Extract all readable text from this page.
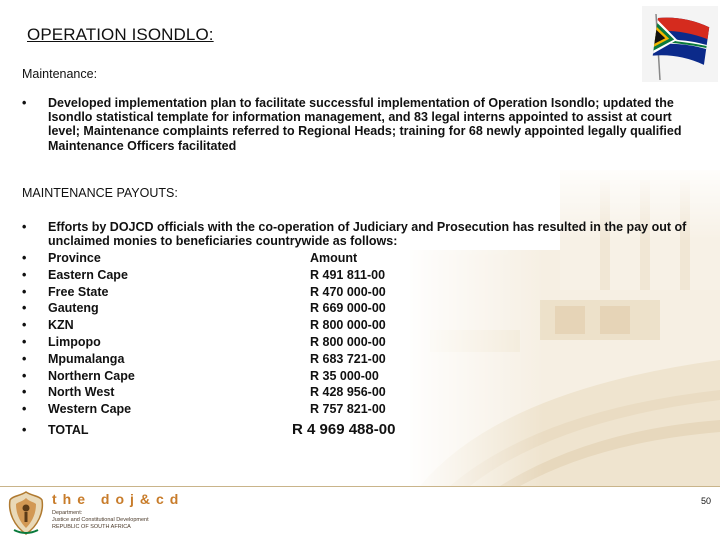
OPERATION ISONDLO:
Maintenance:
• Developed implementation plan to facilitate successful implementation of Operation Isondlo; updated the Isondlo statistical template for information management, and 83 legal interns appointed to assist at court level; Maintenance complaints referred to Regional Heads; training for 68 newly appointed legally qualified Maintenance Officers facilitated
MAINTENANCE PAYOUTS:
• Efforts by DOJCD officials with the co-operation of Judiciary and Prosecution has resulted in the pay out of unclaimed monies to beneficiaries countrywide as follows:
• Province	Amount
• Eastern Cape	R 491 811-00
• Free State	R 470 000-00
• Gauteng	R 669 000-00
• KZN	R 800 000-00
• Limpopo	R 800 000-00
• Mpumalanga	R 683 721-00
• Northern Cape	R 35 000-00
• North West	R 428 956-00
• Western Cape	R 757 821-00
• TOTAL	R 4 969 488-00
the doj&cd
Department:
Justice and Constitutional Development
REPUBLIC OF SOUTH AFRICA
50
